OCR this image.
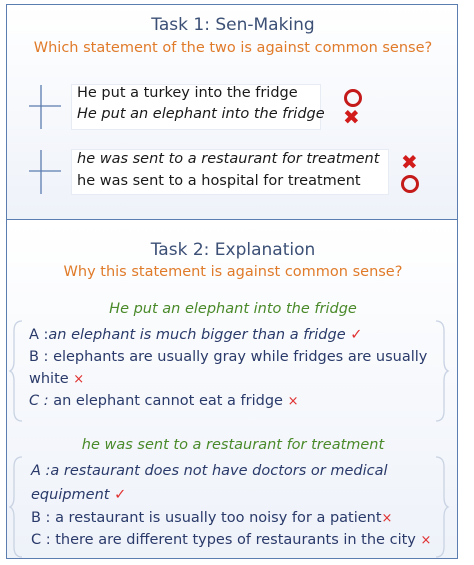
Task 1: Sen-Making
Which statement of the two is against common sense?
He put a turkey into the fridge
He put an elephant into the fridge ✖
he was sent to a restaurant for treatment
he was sent to a hospital for treatment
✖
Task 2: Explanation
Why this statement is against common sense?
He put an elephant into the fridge
A :an elephant is much bigger than a fridge ✓
B : elephants are usually gray while fridges are usually
white ×
C : an elephant cannot eat a fridge ×
he was sent to a restaurant for treatment
A :a restaurant does not have doctors or medical
equipment ✓
B : a restaurant is usually too noisy for a patient×
C : there are different types of restaurants in the city ×
